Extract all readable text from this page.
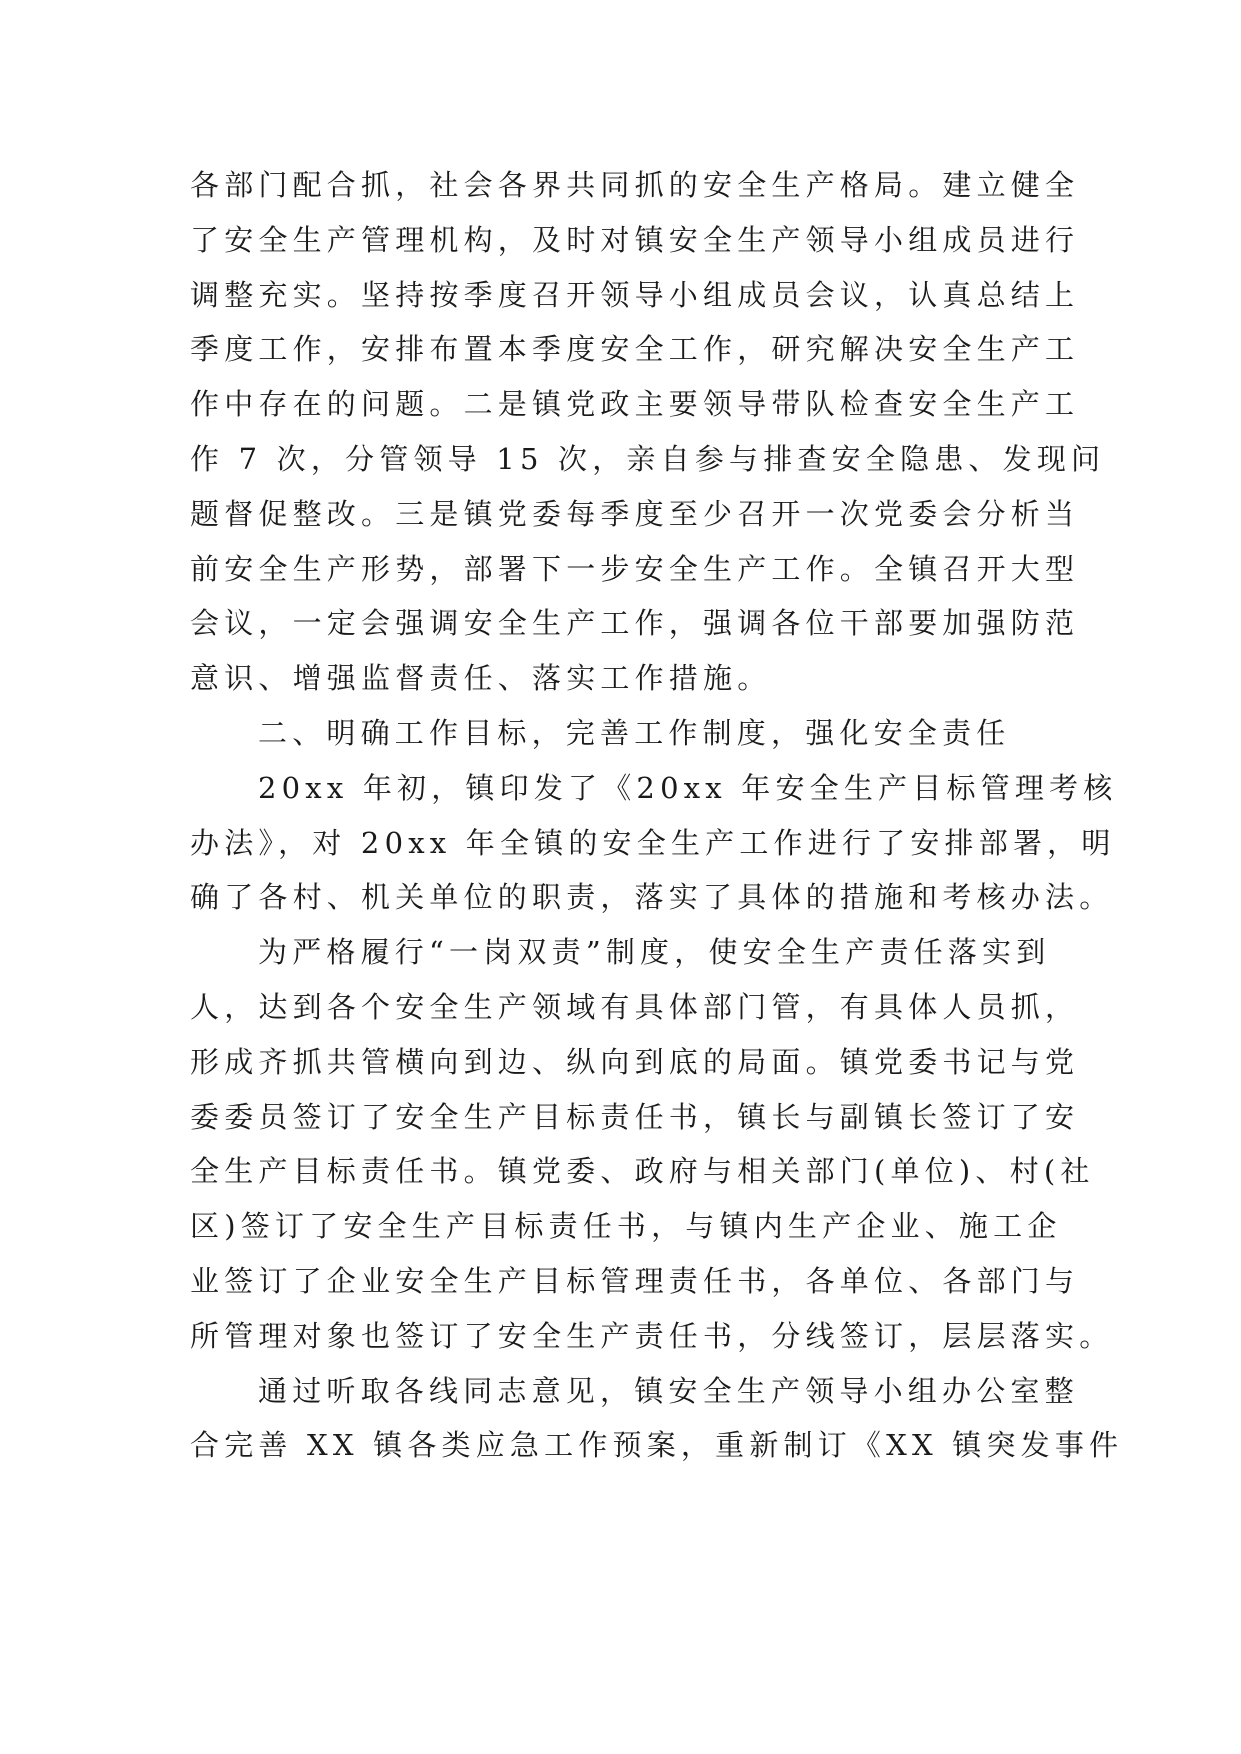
各部门配合抓，社会各界共同抓的安全生产格局。建立健全
了安全生产管理机构，及时对镇安全生产领导小组成员进行
调整充实。坚持按季度召开领导小组成员会议，认真总结上
季度工作，安排布置本季度安全工作，研究解决安全生产工
作中存在的问题。二是镇党政主要领导带队检查安全生产工
作 7 次，分管领导 15 次，亲自参与排查安全隐患、发现问
题督促整改。三是镇党委每季度至少召开一次党委会分析当
前安全生产形势，部署下一步安全生产工作。全镇召开大型
会议，一定会强调安全生产工作，强调各位干部要加强防范
意识、增强监督责任、落实工作措施。
二、明确工作目标，完善工作制度，强化安全责任
20xx 年初，镇印发了《20xx 年安全生产目标管理考核
办法》，对 20xx 年全镇的安全生产工作进行了安排部署，明
确了各村、机关单位的职责，落实了具体的措施和考核办法。
为严格履行“一岗双责”制度，使安全生产责任落实到
人，达到各个安全生产领域有具体部门管，有具体人员抓，
形成齐抓共管横向到边、纵向到底的局面。镇党委书记与党
委委员签订了安全生产目标责任书，镇长与副镇长签订了安
全生产目标责任书。镇党委、政府与相关部门(单位)、村(社
区)签订了安全生产目标责任书，与镇内生产企业、施工企
业签订了企业安全生产目标管理责任书，各单位、各部门与
所管理对象也签订了安全生产责任书，分线签订，层层落实。
通过听取各线同志意见，镇安全生产领导小组办公室整
合完善 XX 镇各类应急工作预案，重新制订《XX 镇突发事件
